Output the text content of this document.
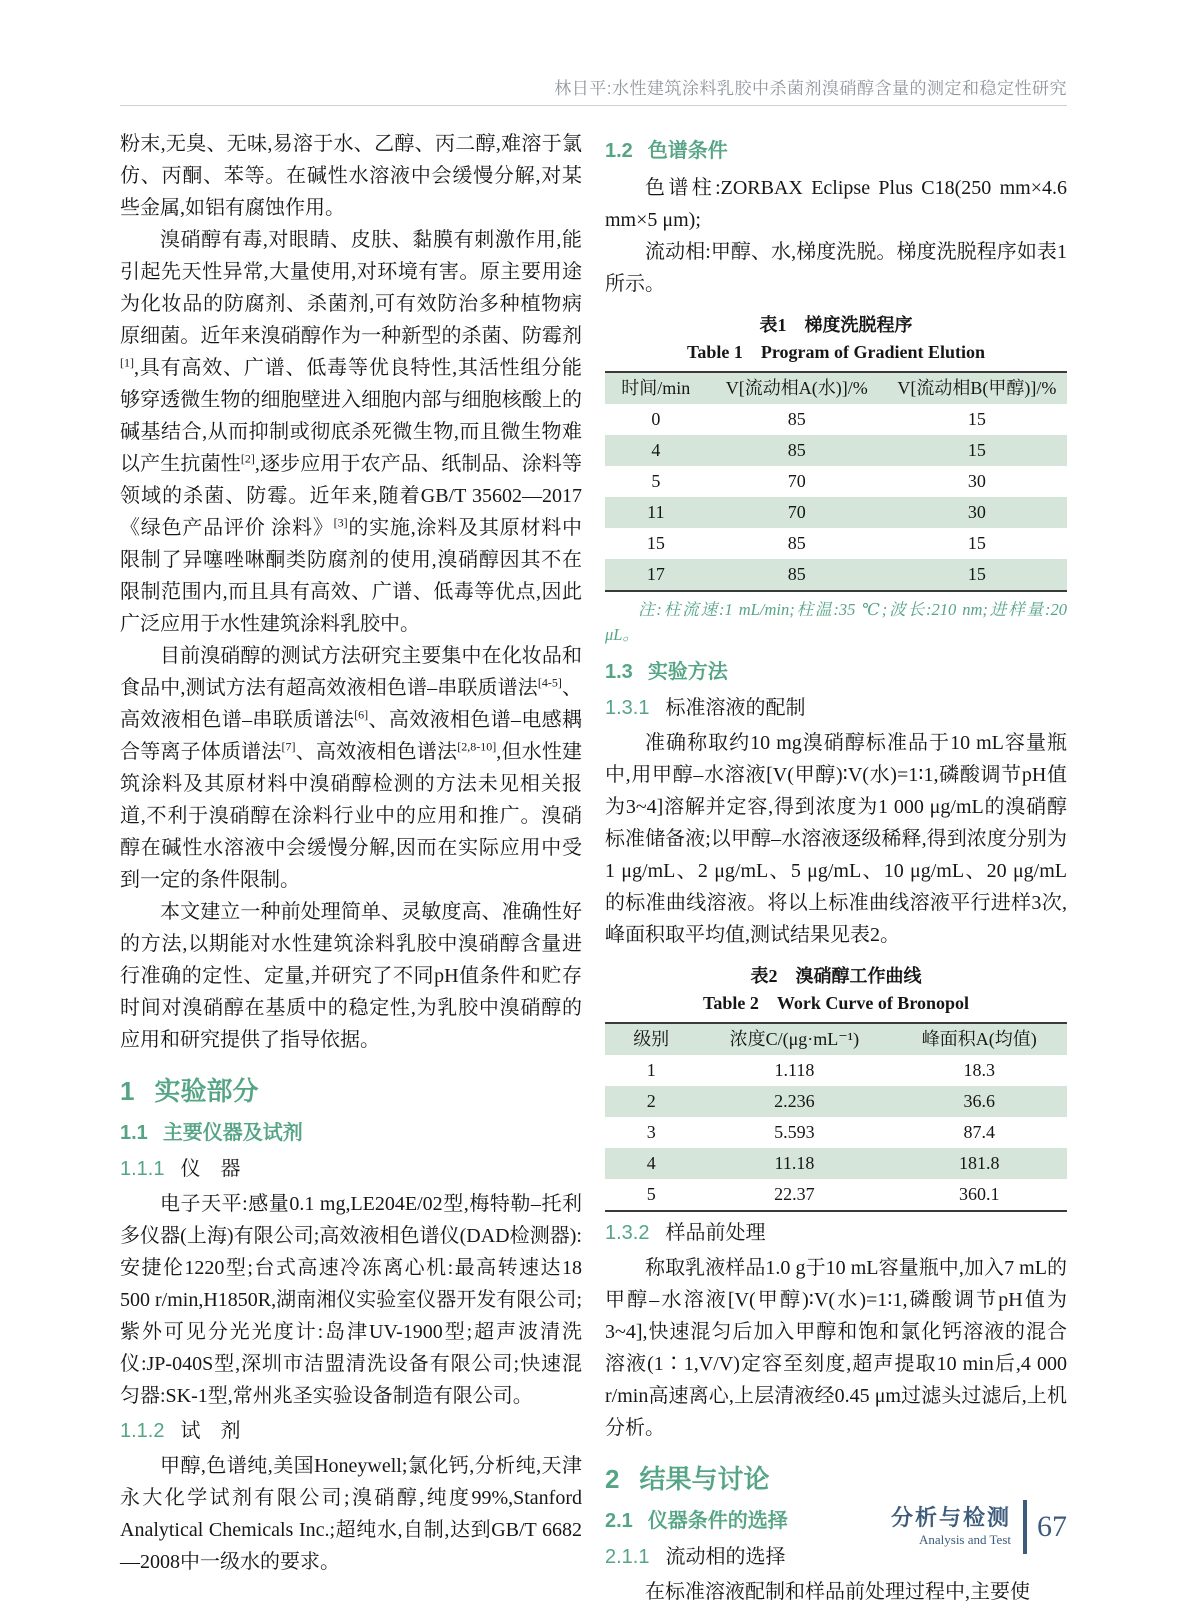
林日平:水性建筑涂料乳胶中杀菌剂溴硝醇含量的测定和稳定性研究

粉末,无臭、无味,易溶于水、乙醇、丙二醇,难溶于氯仿、丙酮、苯等。在碱性水溶液中会缓慢分解,对某些金属,如铝有腐蚀作用。

溴硝醇有毒,对眼睛、皮肤、黏膜有刺激作用,能引起先天性异常,大量使用,对环境有害。原主要用途为化妆品的防腐剂、杀菌剂,可有效防治多种植物病原细菌。近年来溴硝醇作为一种新型的杀菌、防霉剂[1],具有高效、广谱、低毒等优良特性,其活性组分能够穿透微生物的细胞壁进入细胞内部与细胞核酸上的碱基结合,从而抑制或彻底杀死微生物,而且微生物难以产生抗菌性[2],逐步应用于农产品、纸制品、涂料等领域的杀菌、防霉。近年来,随着GB/T 35602—2017《绿色产品评价 涂料》[3]的实施,涂料及其原材料中限制了异噻唑啉酮类防腐剂的使用,溴硝醇因其不在限制范围内,而且具有高效、广谱、低毒等优点,因此广泛应用于水性建筑涂料乳胶中。

目前溴硝醇的测试方法研究主要集中在化妆品和食品中,测试方法有超高效液相色谱–串联质谱法[4-5]、高效液相色谱–串联质谱法[6]、高效液相色谱–电感耦合等离子体质谱法[7]、高效液相色谱法[2,8-10],但水性建筑涂料及其原材料中溴硝醇检测的方法未见相关报道,不利于溴硝醇在涂料行业中的应用和推广。溴硝醇在碱性水溶液中会缓慢分解,因而在实际应用中受到一定的条件限制。

本文建立一种前处理简单、灵敏度高、准确性好的方法,以期能对水性建筑涂料乳胶中溴硝醇含量进行准确的定性、定量,并研究了不同pH值条件和贮存时间对溴硝醇在基质中的稳定性,为乳胶中溴硝醇的应用和研究提供了指导依据。

1 实验部分
1.1 主要仪器及试剂
1.1.1 仪　器

电子天平:感量0.1 mg,LE204E/02型,梅特勒–托利多仪器(上海)有限公司;高效液相色谱仪(DAD检测器):安捷伦1220型;台式高速冷冻离心机:最高转速达18 500 r/min,H1850R,湖南湘仪实验室仪器开发有限公司;紫外可见分光光度计:岛津UV-1900型;超声波清洗仪:JP-040S型,深圳市洁盟清洗设备有限公司;快速混匀器:SK-1型,常州兆圣实验设备制造有限公司。

1.1.2 试　剂

甲醇,色谱纯,美国Honeywell;氯化钙,分析纯,天津永大化学试剂有限公司;溴硝醇,纯度99%,Stanford Analytical Chemicals Inc.;超纯水,自制,达到GB/T 6682—2008中一级水的要求。

1.2 色谱条件

色谱柱:ZORBAX Eclipse Plus C18(250 mm×4.6 mm×5 μm);

流动相:甲醇、水,梯度洗脱。梯度洗脱程序如表1所示。

表1　梯度洗脱程序
Table 1　Program of Gradient Elution
时间/min	V[流动相A(水)]/%	V[流动相B(甲醇)]/%
0	85	15
4	85	15
5	70	30
11	70	30
15	85	15
17	85	15
注:柱流速:1 mL/min;柱温:35 ℃;波长:210 nm;进样量:20 μL。
1.3 实验方法
1.3.1 标准溶液的配制

准确称取约10 mg溴硝醇标准品于10 mL容量瓶中,用甲醇–水溶液[V(甲醇)∶V(水)=1∶1,磷酸调节pH值为3~4]溶解并定容,得到浓度为1 000 μg/mL的溴硝醇标准储备液;以甲醇–水溶液逐级稀释,得到浓度分别为1 μg/mL、2 μg/mL、5 μg/mL、10 μg/mL、20 μg/mL的标准曲线溶液。将以上标准曲线溶液平行进样3次,峰面积取平均值,测试结果见表2。

表2　溴硝醇工作曲线
Table 2　Work Curve of Bronopol
级别	浓度C/(μg·mL⁻¹)	峰面积A(均值)
1	1.118	18.3
2	2.236	36.6
3	5.593	87.4
4	11.18	181.8
5	22.37	360.1
1.3.2 样品前处理

称取乳液样品1.0 g于10 mL容量瓶中,加入7 mL的甲醇–水溶液[V(甲醇)∶V(水)=1∶1,磷酸调节pH值为3~4],快速混匀后加入甲醇和饱和氯化钙溶液的混合溶液(1∶1,V/V)定容至刻度,超声提取10 min后,4 000 r/min高速离心,上层清液经0.45 μm过滤头过滤后,上机分析。

2 结果与讨论
2.1 仪器条件的选择
2.1.1 流动相的选择

在标准溶液配制和样品前处理过程中,主要使

分析与检测
Analysis and Test 67
